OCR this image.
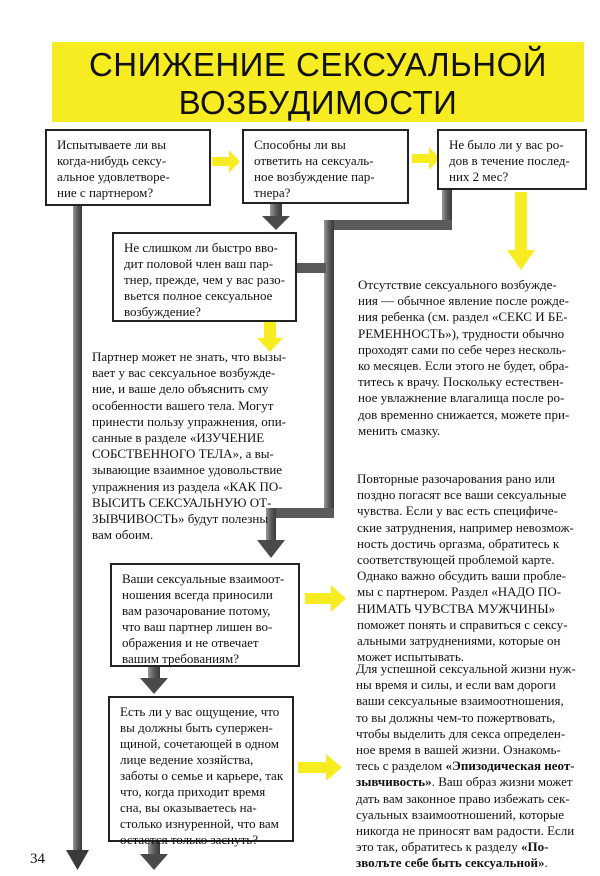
СНИЖЕНИЕ СЕКСУАЛЬНОЙ
ВОЗБУДИМОСТИ
Испытываете ли вы
когда-нибудь сексу-
альное удовлетворе-
ние с партнером?
Способны ли вы
ответить на сексуаль-
ное возбуждение пар-
тнера?
Не было ли у вас ро-
дов в течение послед-
них 2 мес?
Не слишком ли быстро вво-
дит половой член ваш пар-
тнер, прежде, чем у вас разо-
вьется полное сексуальное
возбуждение?
Ваши сексуальные взаимоот-
ношения всегда приносили
вам разочарование потому,
что ваш партнер лишен во-
ображения и не отвечает
вашим требованиям?
Есть ли у вас ощущение, что
вы должны быть супержен-
щиной, сочетающей в одном
лице ведение хозяйства,
заботы о семье и карьере, так
что, когда приходит время
сна, вы оказываетесь на-
столько изнуренной, что вам
остается только заснуть?
Партнер может не знать, что вызы-
вает у вас сексуальное возбужде-
ние, и ваше дело объяснить сму
особенности вашего тела. Могут
принести пользу упражнения, опи-
санные в разделе «ИЗУЧЕНИЕ
СОБСТВЕННОГО ТЕЛА», а вы-
зывающие взаимное удовольствие
упражнения из раздела «КАК ПО-
ВЫСИТЬ СЕКСУАЛЬНУЮ ОТ-
ЗЫВЧИВОСТЬ» будут полезны
вам обоим.
Отсутствие сексуального возбужде-
ния — обычное явление после рожде-
ния ребенка (см. раздел «СЕКС И БЕ-
РЕМЕННОСТЬ»), трудности обычно
проходят сами по себе через несколь-
ко месяцев. Если этого не будет, обра-
титесь к врачу. Поскольку естествен-
ное увлажнение влагалища после ро-
дов временно снижается, можете при-
менить смазку.
Повторные разочарования рано или
поздно погасят все ваши сексуальные
чувства. Если у вас есть специфиче-
ские затруднения, например невозмож-
ность достичь оргазма, обратитесь к
соответствующей проблемой карте.
Однако важно обсудить ваши пробле-
мы с партнером. Раздел «НАДО ПО-
НИМАТЬ ЧУВСТВА МУЖЧИНЫ»
поможет понять и справиться с сексу-
альными затруднениями, которые он
может испытывать.
Для успешной сексуальной жизни нуж-
ны время и силы, и если вам дороги
ваши сексуальные взаимоотношения,
то вы должны чем-то пожертвовать,
чтобы выделить для секса определен-
ное время в вашей жизни. Ознакомь-
тесь с разделом «Эпизодическая неот-
зывчивость». Ваш образ жизни может
дать вам законное право избежать сек-
суальных взаимоотношений, которые
никогда не приносят вам радости. Если
это так, обратитесь к разделу «По-
зволъте себе быть сексуальной».
34
